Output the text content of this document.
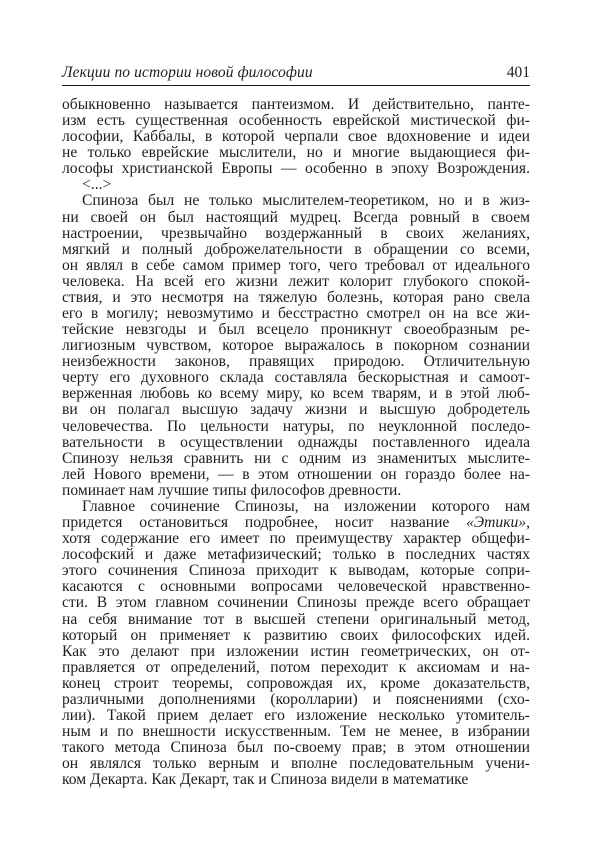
Лекции по истории новой философии	401
обыкновенно называется пантеизмом. И действительно, панте-
изм есть существенная особенность еврейской мистической фи-
лософии, Каббалы, в которой черпали свое вдохновение и идеи
не только еврейские мыслители, но и многие выдающиеся фи-
лософы христианской Европы — особенно в эпоху Возрождения.
<...>
Спиноза был не только мыслителем-теоретиком, но и в жиз-
ни своей он был настоящий мудрец. Всегда ровный в своем
настроении, чрезвычайно воздержанный в своих желаниях,
мягкий и полный доброжелательности в обращении со всеми,
он являл в себе самом пример того, чего требовал от идеального
человека. На всей его жизни лежит колорит глубокого спокой-
ствия, и это несмотря на тяжелую болезнь, которая рано свела
его в могилу; невозмутимо и бесстрастно смотрел он на все жи-
тейские невзгоды и был всецело проникнут своеобразным ре-
лигиозным чувством, которое выражалось в покорном сознании
неизбежности законов, правящих природою. Отличительную
черту его духовного склада составляла бескорыстная и самоот-
верженная любовь ко всему миру, ко всем тварям, и в этой люб-
ви он полагал высшую задачу жизни и высшую добродетель
человечества. По цельности натуры, по неуклонной последо-
вательности в осуществлении однажды поставленного идеала
Спинозу нельзя сравнить ни с одним из знаменитых мыслите-
лей Нового времени, — в этом отношении он гораздо более на-
поминает нам лучшие типы философов древности.
Главное сочинение Спинозы, на изложении которого нам
придется остановиться подробнее, носит название «Этики»,
хотя содержание его имеет по преимуществу характер общефи-
лософский и даже метафизический; только в последних частях
этого сочинения Спиноза приходит к выводам, которые сопри-
касаются с основными вопросами человеческой нравственно-
сти. В этом главном сочинении Спинозы прежде всего обращает
на себя внимание тот в высшей степени оригинальный метод,
который он применяет к развитию своих философских идей.
Как это делают при изложении истин геометрических, он от-
правляется от определений, потом переходит к аксиомам и на-
конец строит теоремы, сопровождая их, кроме доказательств,
различными дополнениями (королларии) и пояснениями (схо-
лии). Такой прием делает его изложение несколько утомитель-
ным и по внешности искусственным. Тем не менее, в избрании
такого метода Спиноза был по-своему прав; в этом отношении
он являлся только верным и вполне последовательным учени-
ком Декарта. Как Декарт, так и Спиноза видели в математике
